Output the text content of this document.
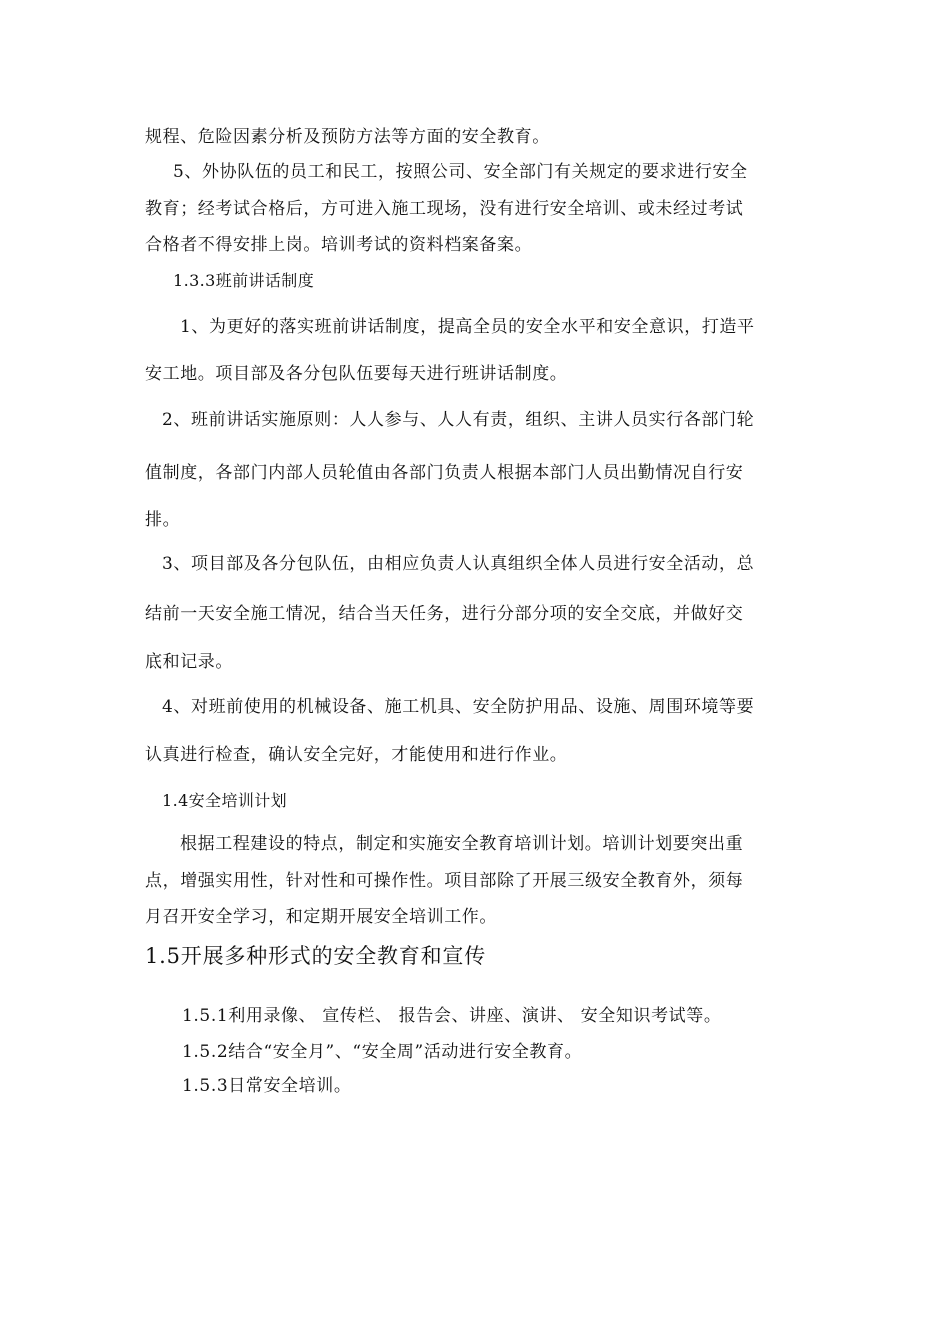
规程、危险因素分析及预防方法等方面的安全教育。
5、外协队伍的员工和民工，按照公司、安全部门有关规定的要求进行安全
教育；经考试合格后，方可进入施工现场，没有进行安全培训、或未经过考试
合格者不得安排上岗。培训考试的资料档案备案。
1.3.3班前讲话制度
1、为更好的落实班前讲话制度，提高全员的安全水平和安全意识，打造平
安工地。项目部及各分包队伍要每天进行班讲话制度。
2、班前讲话实施原则：人人参与、人人有责，组织、主讲人员实行各部门轮
值制度，各部门内部人员轮值由各部门负责人根据本部门人员出勤情况自行安
排。
3、项目部及各分包队伍，由相应负责人认真组织全体人员进行安全活动，总
结前一天安全施工情况，结合当天任务，进行分部分项的安全交底，并做好交
底和记录。
4、对班前使用的机械设备、施工机具、安全防护用品、设施、周围环境等要
认真进行检查，确认安全完好，才能使用和进行作业。
1.4安全培训计划
根据工程建设的特点，制定和实施安全教育培训计划。培训计划要突出重
点，增强实用性，针对性和可操作性。项目部除了开展三级安全教育外，须每
月召开安全学习，和定期开展安全培训工作。
1.5开展多种形式的安全教育和宣传
1.5.1利用录像、 宣传栏、 报告会、讲座、演讲、 安全知识考试等。
1.5.2结合“安全月”、“安全周”活动进行安全教育。
1.5.3日常安全培训。
